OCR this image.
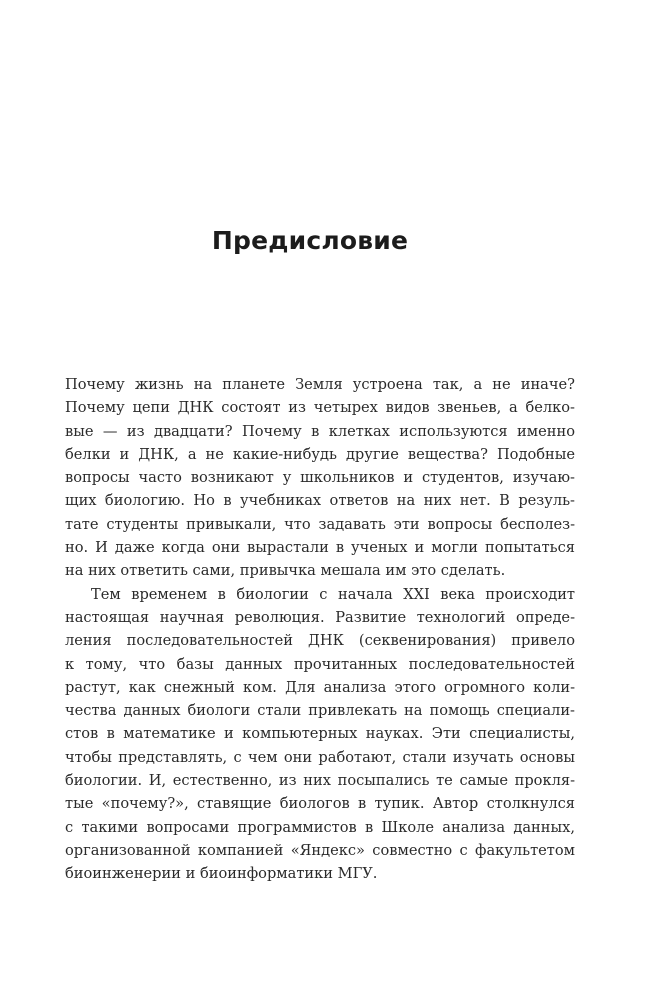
Предисловие
Почему жизнь на планете Земля устроена так, а не иначе?
Почему цепи ДНК состоят из четырех видов звеньев, а белко-
вые — из двадцати? Почему в клетках используются именно
белки и ДНК, а не какие-нибудь другие вещества? Подобные
вопросы часто возникают у школьников и студентов, изучаю-
щих биологию. Но в учебниках ответов на них нет. В резуль-
тате студенты привыкали, что задавать эти вопросы бесполез-
но. И даже когда они вырастали в ученых и могли попытаться
на них ответить сами, привычка мешала им это сделать.
Тем временем в биологии с начала XXI века происходит
настоящая научная революция. Развитие технологий опреде-
ления последовательностей ДНК (секвенирования) привело
к тому, что базы данных прочитанных последовательностей
растут, как снежный ком. Для анализа этого огромного коли-
чества данных биологи стали привлекать на помощь специали-
стов в математике и компьютерных науках. Эти специалисты,
чтобы представлять, с чем они работают, стали изучать основы
биологии. И, естественно, из них посыпались те самые прокля-
тые «почему?», ставящие биологов в тупик. Автор столкнулся
с такими вопросами программистов в Школе анализа данных,
организованной компанией «Яндекс» совместно с факультетом
биоинженерии и биоинформатики МГУ.
